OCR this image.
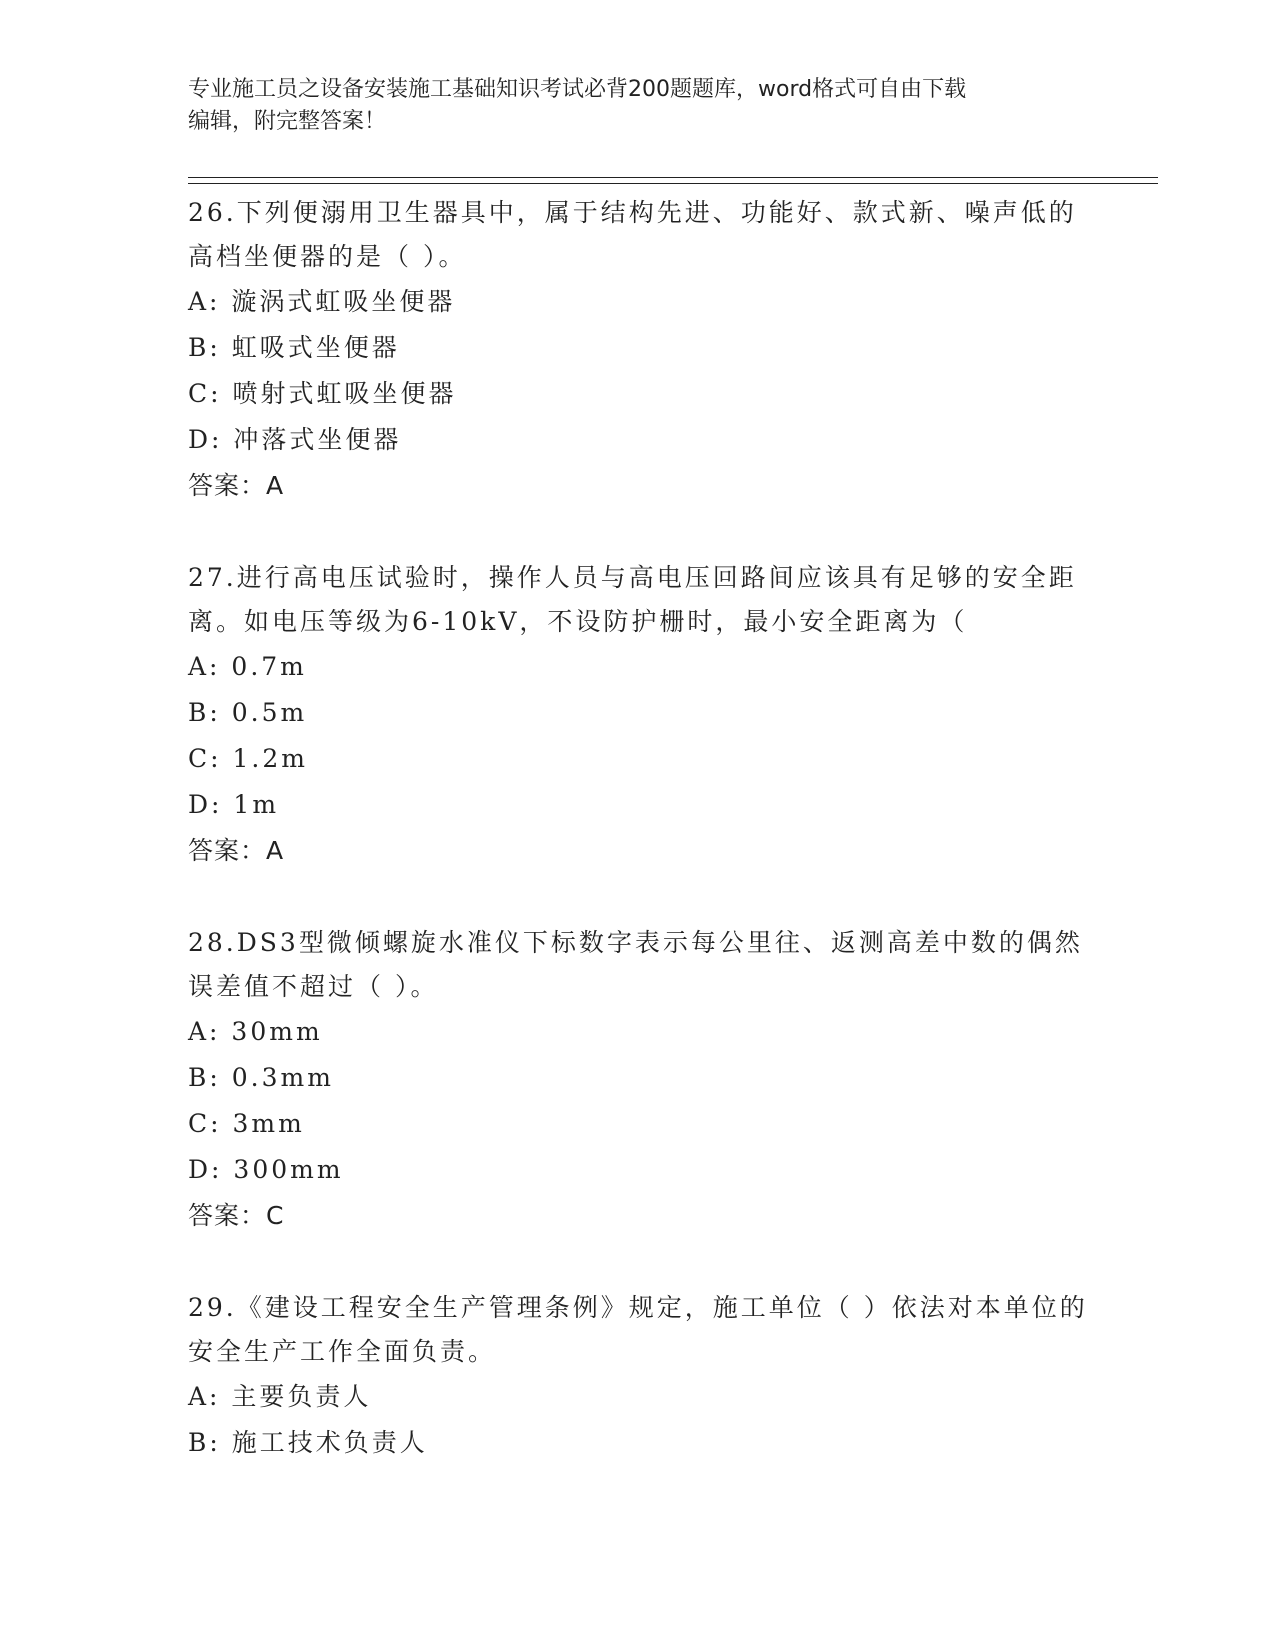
专业施工员之设备安装施工基础知识考试必背200题题库，word格式可自由下载
编辑，附完整答案！
26.下列便溺用卫生器具中，属于结构先进、功能好、款式新、噪声低的高档坐便器的是（ ）。
A: 漩涡式虹吸坐便器
B: 虹吸式坐便器
C: 喷射式虹吸坐便器
D: 冲落式坐便器
答案：A
27.进行高电压试验时，操作人员与高电压回路间应该具有足够的安全距离。如电压等级为6-10kV，不设防护栅时，最小安全距离为（
A: 0.7m
B: 0.5m
C: 1.2m
D: 1m
答案：A
28.DS3型微倾螺旋水准仪下标数字表示每公里往、返测高差中数的偶然误差值不超过（ ）。
A: 30mm
B: 0.3mm
C: 3mm
D: 300mm
答案：C
29.《建设工程安全生产管理条例》规定，施工单位（ ）依法对本单位的安全生产工作全面负责。
A: 主要负责人
B: 施工技术负责人
